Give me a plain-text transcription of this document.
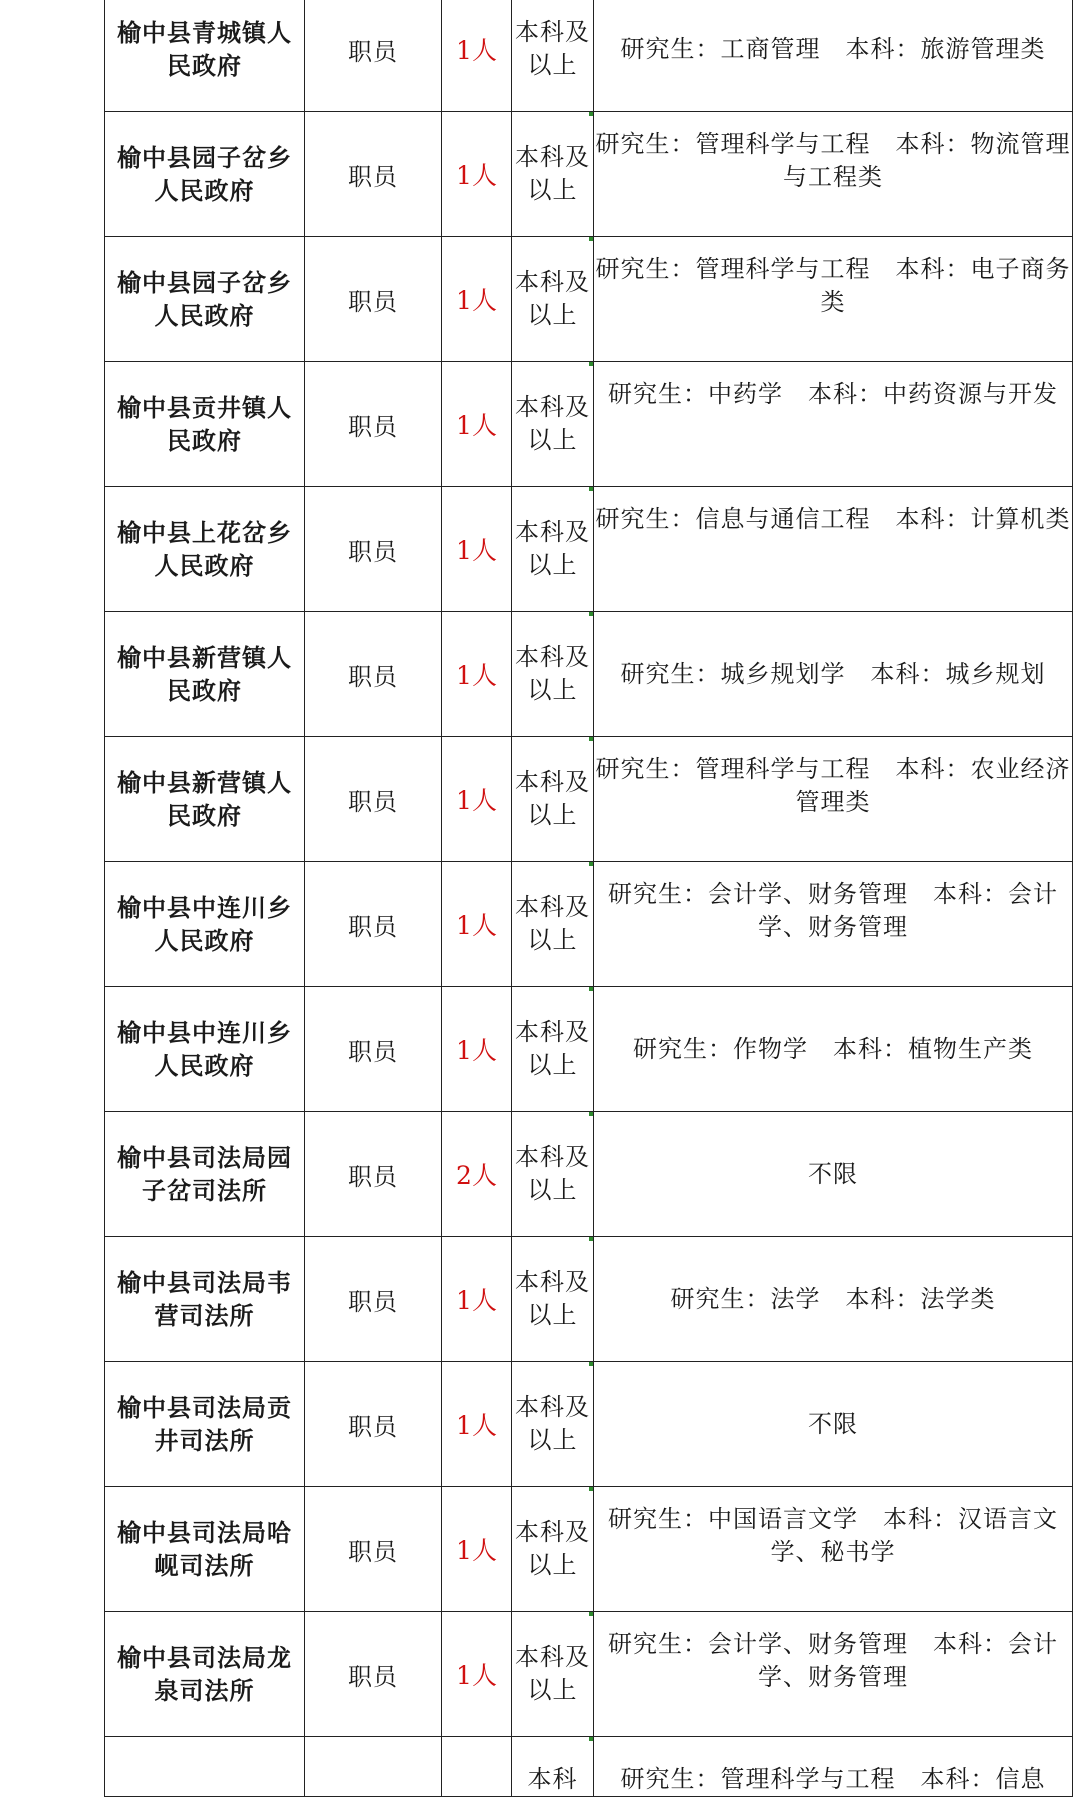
榆中县青城镇人民政府	职员	1人	本科及以上	研究生：工商管理　本科：旅游管理类
榆中县园子岔乡人民政府	职员	1人	本科及以上	研究生：管理科学与工程　本科：物流管理与工程类
榆中县园子岔乡人民政府	职员	1人	本科及以上	研究生：管理科学与工程　本科：电子商务类
榆中县贡井镇人民政府	职员	1人	本科及以上	研究生：中药学　本科：中药资源与开发
榆中县上花岔乡人民政府	职员	1人	本科及以上	研究生：信息与通信工程　本科：计算机类
榆中县新营镇人民政府	职员	1人	本科及以上	研究生：城乡规划学　本科：城乡规划
榆中县新营镇人民政府	职员	1人	本科及以上	研究生：管理科学与工程　本科：农业经济管理类
榆中县中连川乡人民政府	职员	1人	本科及以上	研究生：会计学、财务管理　本科：会计学、财务管理
榆中县中连川乡人民政府	职员	1人	本科及以上	研究生：作物学　本科：植物生产类
榆中县司法局园子岔司法所	职员	2人	本科及以上	不限
榆中县司法局韦营司法所	职员	1人	本科及以上	研究生：法学　本科：法学类
榆中县司法局贡井司法所	职员	1人	本科及以上	不限
榆中县司法局哈岘司法所	职员	1人	本科及以上	研究生：中国语言文学　本科：汉语言文学、秘书学
榆中县司法局龙泉司法所	职员	1人	本科及以上	研究生：会计学、财务管理　本科：会计学、财务管理
			本科	研究生：管理科学与工程　本科：信息
